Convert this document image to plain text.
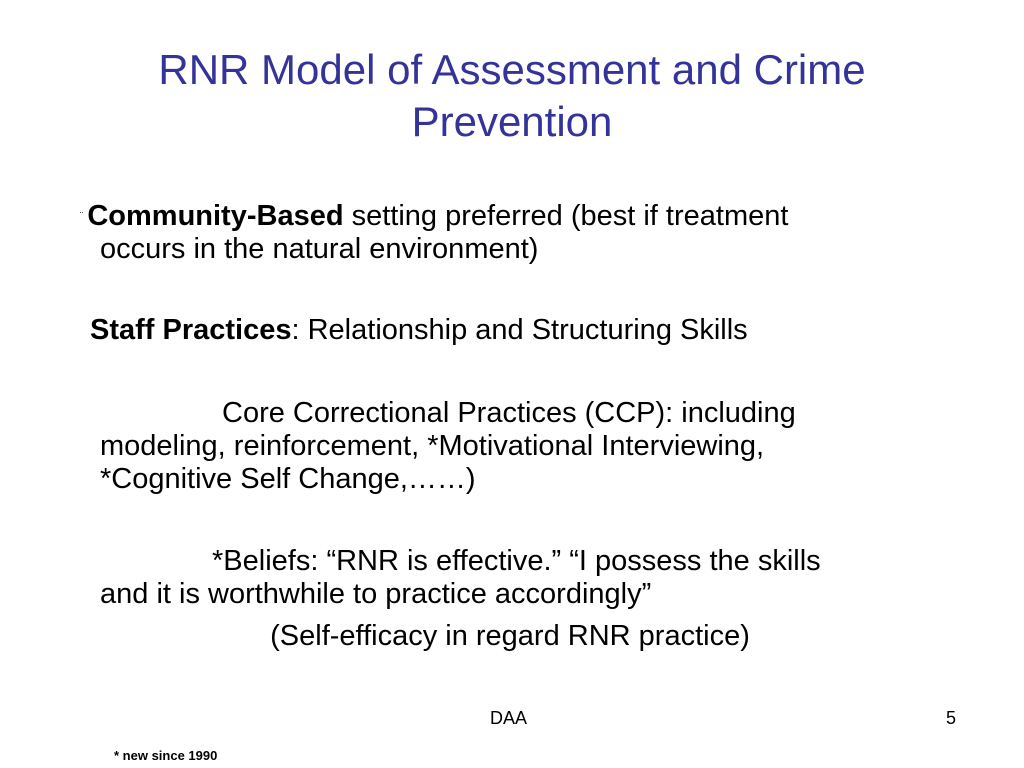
RNR Model of Assessment and Crime Prevention
¨ Community-Based setting preferred (best if treatment
occurs in the natural environment)
Staff Practices: Relationship and Structuring Skills
Core Correctional Practices (CCP): including
modeling, reinforcement, *Motivational Interviewing,
*Cognitive Self Change,……)
*Beliefs: “RNR is effective.” “I possess the skills
and it is worthwhile to practice accordingly”
(Self-efficacy in regard RNR practice)
DAA	5
* new since 1990
